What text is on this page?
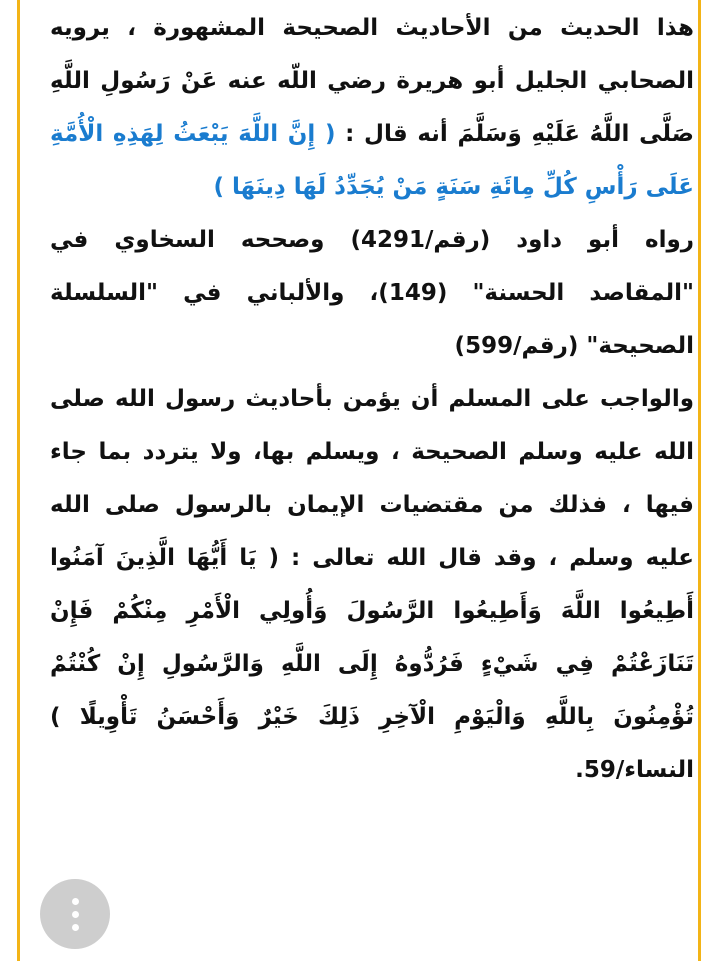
هذا الحديث من الأحاديث الصحيحة المشهورة ، يرويه الصحابي الجليل أبو هريرة رضي اللّه عنه عَنْ رَسُولِ اللَّهِ صَلَّى اللَّهُ عَلَيْهِ وَسَلَّمَ أنه قال : ( إِنَّ اللَّهَ يَبْعَثُ لِهَذِهِ الْأُمَّةِ عَلَى رَأْسِ كُلِّ مِائَةِ سَنَةٍ مَنْ يُجَدِّدُ لَهَا دِينَهَا )

رواه أبو داود (رقم/4291) وصححه السخاوي في "المقاصد الحسنة" (149)، والألباني في "السلسلة الصحيحة" (رقم/599)

والواجب على المسلم أن يؤمن بأحاديث رسول الله صلى الله عليه وسلم الصحيحة ، ويسلم بها، ولا يتردد بما جاء فيها ، فذلك من مقتضيات الإيمان بالرسول صلى الله عليه وسلم ، وقد قال الله تعالى : ( يَا أَيُّهَا الَّذِينَ آمَنُوا أَطِيعُوا اللَّهَ وَأَطِيعُوا الرَّسُولَ وَأُولِي الْأَمْرِ مِنْكُمْ فَإِنْ تَنَازَعْتُمْ فِي شَيْءٍ فَرُدُّوهُ إِلَى اللَّهِ وَالرَّسُولِ إِنْ كُنْتُمْ تُؤْمِنُونَ بِاللَّهِ وَالْيَوْمِ الْآخِرِ ذَلِكَ خَيْرٌ وَأَحْسَنُ تَأْوِيلًا ) النساء/59.
